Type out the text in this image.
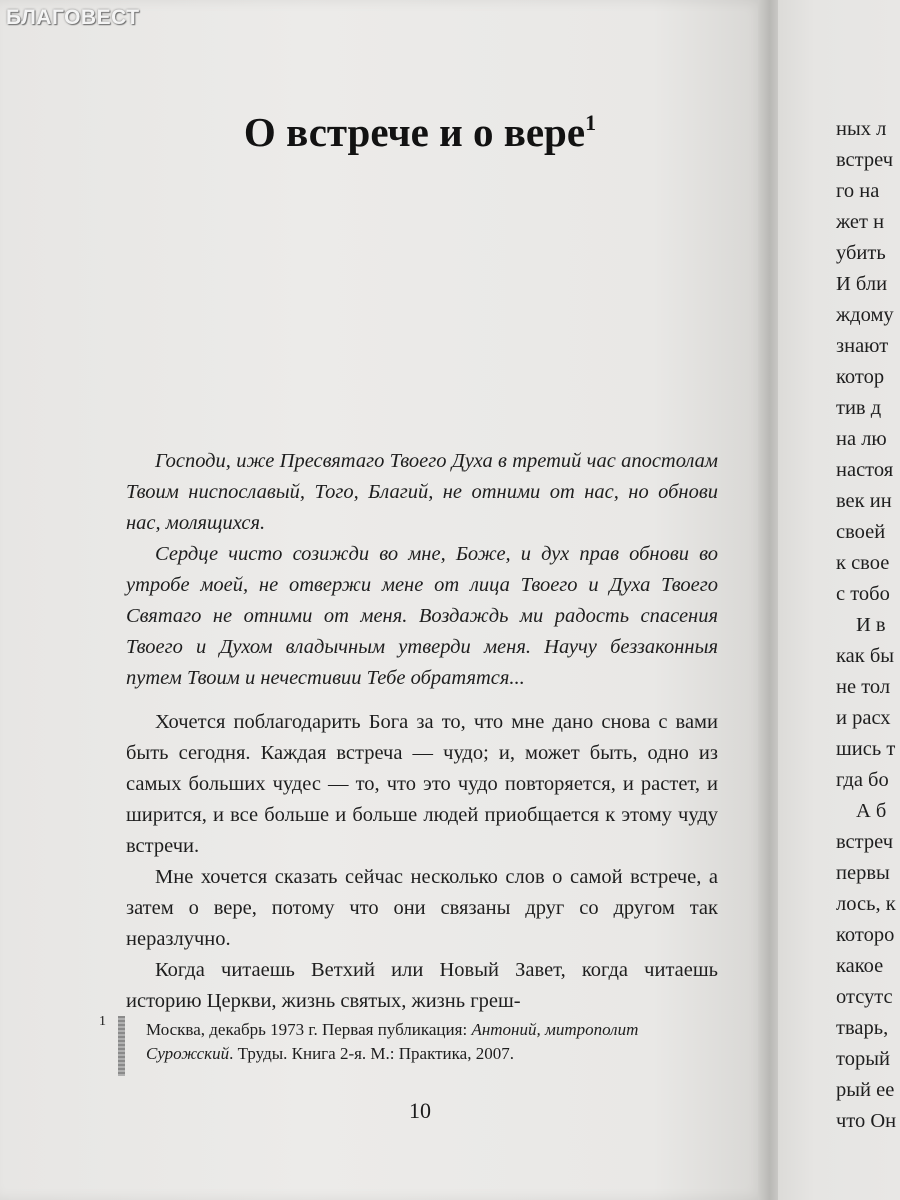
ных л
встреч
го на
жет н
убить
И бли
ждому
знают
котор
тив д
на лю
настоя
век ин
своей
к свое
с тобо
И в
как бы
не тол
и расх
шись т
гда бо
А б
встреч
первы
лось, к
которо
какое
отсутс
тварь,
торый
рый ее
что Он
БЛАГОВЕСТ
О встрече и о вере$^1$

Господи, иже Пресвятаго Твоего Духа в третий час апостолам Твоим ниспославый, Того, Благий, не отними от нас, но обнови нас, молящихся.

Сердце чисто созижди во мне, Боже, и дух прав обнови во утробе моей, не отвержи мене от лица Твоего и Духа Твоего Святаго не отними от меня. Воздаждь ми радость спасения Твоего и Духом владычным утверди меня. Научу беззаконныя путем Твоим и нечестивии Тебе обратятся...

Хочется поблагодарить Бога за то, что мне дано снова с вами быть сегодня. Каждая встреча — чудо; и, может быть, одно из самых больших чудес — то, что это чудо повторяется, и растет, и ширится, и все больше и больше людей приобщается к этому чуду встречи.

Мне хочется сказать сейчас несколько слов о самой встрече, а затем о вере, потому что они связаны друг со другом так неразлучно.

Когда читаешь Ветхий или Новый Завет, когда читаешь историю Церкви, жизнь святых, жизнь греш-

1 Москва, декабрь 1973 г. Первая публикация: Антоний, митрополит Сурожский. Труды. Книга 2-я. М.: Практика, 2007.
10
